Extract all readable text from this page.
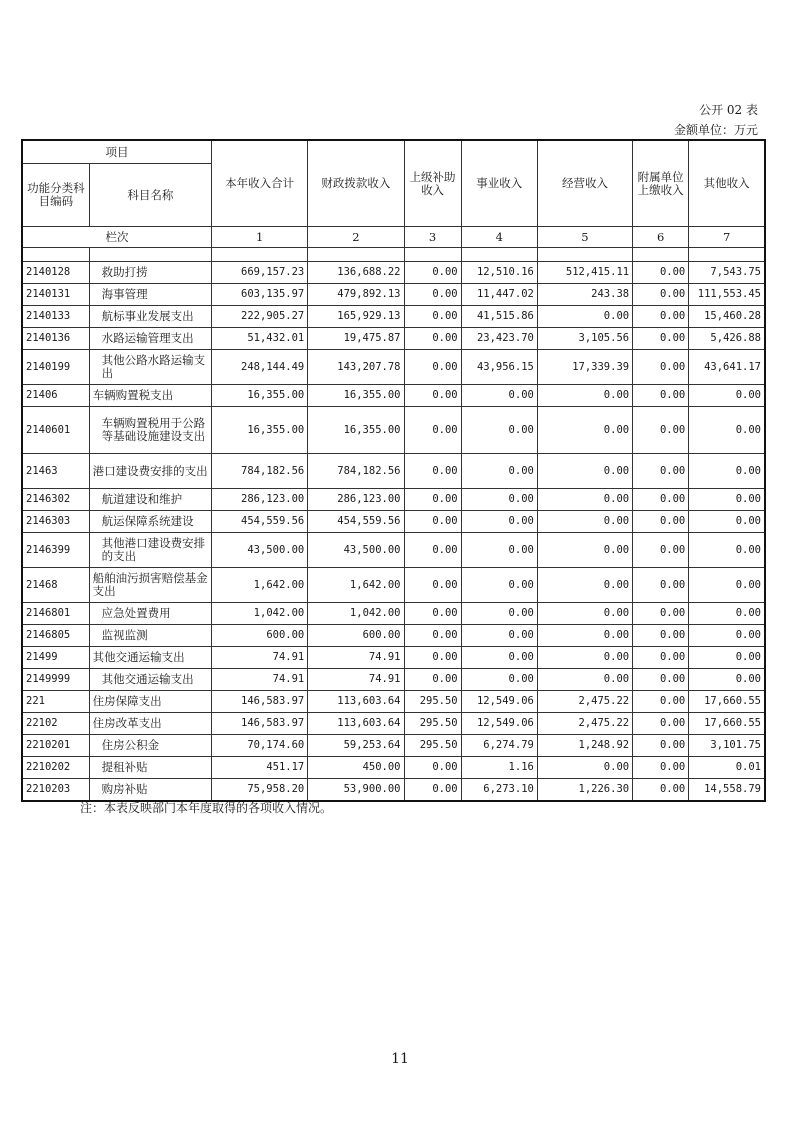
公开 02 表
金额单位：万元
项目		本年收入合计	财政拨款收入	上级补助收入	事业收入	经营收入	附属单位上缴收入	其他收入
功能分类科目编码	科目名称							
栏次		1	2	3	4	5	6	7

2140128	救助打捞	669,157.23	136,688.22	0.00	12,510.16	512,415.11	0.00	7,543.75
2140131	海事管理	603,135.97	479,892.13	0.00	11,447.02	243.38	0.00	111,553.45
2140133	航标事业发展支出	222,905.27	165,929.13	0.00	41,515.86	0.00	0.00	15,460.28
2140136	水路运输管理支出	51,432.01	19,475.87	0.00	23,423.70	3,105.56	0.00	5,426.88
2140199	其他公路水路运输支出	248,144.49	143,207.78	0.00	43,956.15	17,339.39	0.00	43,641.17
21406	车辆购置税支出	16,355.00	16,355.00	0.00	0.00	0.00	0.00	0.00
2140601	车辆购置税用于公路等基础设施建设支出	16,355.00	16,355.00	0.00	0.00	0.00	0.00	0.00
21463	港口建设费安排的支出	784,182.56	784,182.56	0.00	0.00	0.00	0.00	0.00
2146302	航道建设和维护	286,123.00	286,123.00	0.00	0.00	0.00	0.00	0.00
2146303	航运保障系统建设	454,559.56	454,559.56	0.00	0.00	0.00	0.00	0.00
2146399	其他港口建设费安排的支出	43,500.00	43,500.00	0.00	0.00	0.00	0.00	0.00
21468	船舶油污损害赔偿基金支出	1,642.00	1,642.00	0.00	0.00	0.00	0.00	0.00
2146801	应急处置费用	1,042.00	1,042.00	0.00	0.00	0.00	0.00	0.00
2146805	监视监测	600.00	600.00	0.00	0.00	0.00	0.00	0.00
21499	其他交通运输支出	74.91	74.91	0.00	0.00	0.00	0.00	0.00
2149999	其他交通运输支出	74.91	74.91	0.00	0.00	0.00	0.00	0.00
221	住房保障支出	146,583.97	113,603.64	295.50	12,549.06	2,475.22	0.00	17,660.55
22102	住房改革支出	146,583.97	113,603.64	295.50	12,549.06	2,475.22	0.00	17,660.55
2210201	住房公积金	70,174.60	59,253.64	295.50	6,274.79	1,248.92	0.00	3,101.75
2210202	提租补贴	451.17	450.00	0.00	1.16	0.00	0.00	0.01
2210203	购房补贴	75,958.20	53,900.00	0.00	6,273.10	1,226.30	0.00	14,558.79
注：本表反映部门本年度取得的各项收入情况。
11
